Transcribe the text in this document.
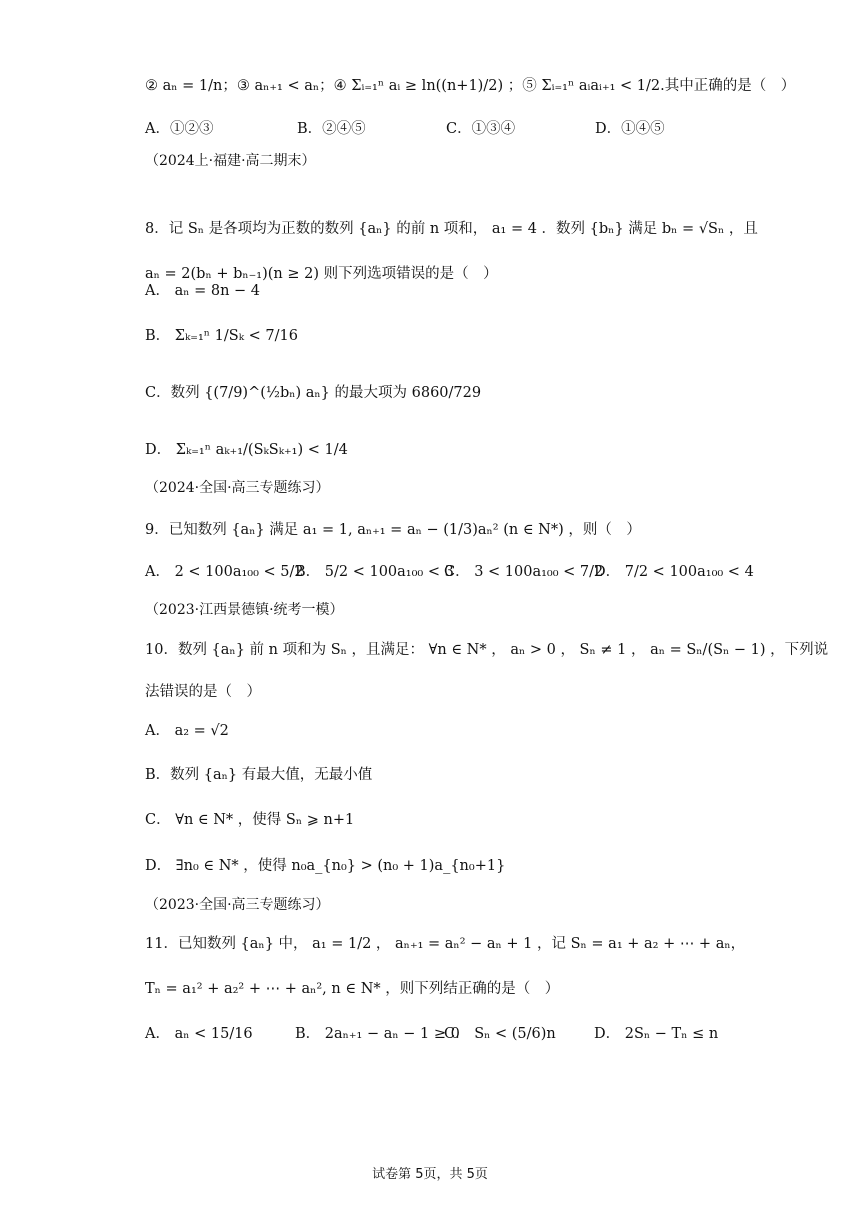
② aₙ = 1/n；③ aₙ₊₁ < aₙ；④ Σᵢ₌₁ⁿ aᵢ ≥ ln((n+1)/2) ；⑤ Σᵢ₌₁ⁿ aᵢaᵢ₊₁ < 1/2.其中正确的是（　）
A．①②③	B．②④⑤	C．①③④	D．①④⑤
（2024上·福建·高二期末）
8．记 Sₙ 是各项均为正数的数列 {aₙ} 的前 n 项和， a₁ = 4 ．数列 {bₙ} 满足 bₙ = √Sₙ ，且
aₙ = 2(bₙ + bₙ₋₁)(n ≥ 2) 则下列选项错误的是（　）
A． aₙ = 8n − 4
B． Σₖ₌₁ⁿ 1/Sₖ < 7/16
C．数列 {(7/9)^(½bₙ) aₙ} 的最大项为 6860/729
D． Σₖ₌₁ⁿ aₖ₊₁/(SₖSₖ₊₁) < 1/4
（2024·全国·高三专题练习）
9．已知数列 {aₙ} 满足 a₁ = 1, aₙ₊₁ = aₙ − (1/3)aₙ² (n ∈ N*) ，则（　）
A． 2 < 100a₁₀₀ < 5/2
B． 5/2 < 100a₁₀₀ < 3
C． 3 < 100a₁₀₀ < 7/2
D． 7/2 < 100a₁₀₀ < 4
（2023·江西景德镇·统考一模）
10．数列 {aₙ} 前 n 项和为 Sₙ ，且满足： ∀n ∈ N* ， aₙ > 0 ， Sₙ ≠ 1 ， aₙ = Sₙ/(Sₙ − 1) ，下列说
法错误的是（　）
A． a₂ = √2
B．数列 {aₙ} 有最大值，无最小值
C． ∀n ∈ N* ，使得 Sₙ ⩾ n+1
D． ∃n₀ ∈ N* ，使得 n₀a_{n₀} > (n₀ + 1)a_{n₀+1}
（2023·全国·高三专题练习）
11．已知数列 {aₙ} 中， a₁ = 1/2 ， aₙ₊₁ = aₙ² − aₙ + 1 ，记 Sₙ = a₁ + a₂ + ⋯ + aₙ，
Tₙ = a₁² + a₂² + ⋯ + aₙ², n ∈ N* ，则下列结正确的是（　）
A． aₙ < 15/16	B． 2aₙ₊₁ − aₙ − 1 ≥ 0
C． Sₙ < (5/6)n	D． 2Sₙ − Tₙ ≤ n
试卷第 5页，共 5页
